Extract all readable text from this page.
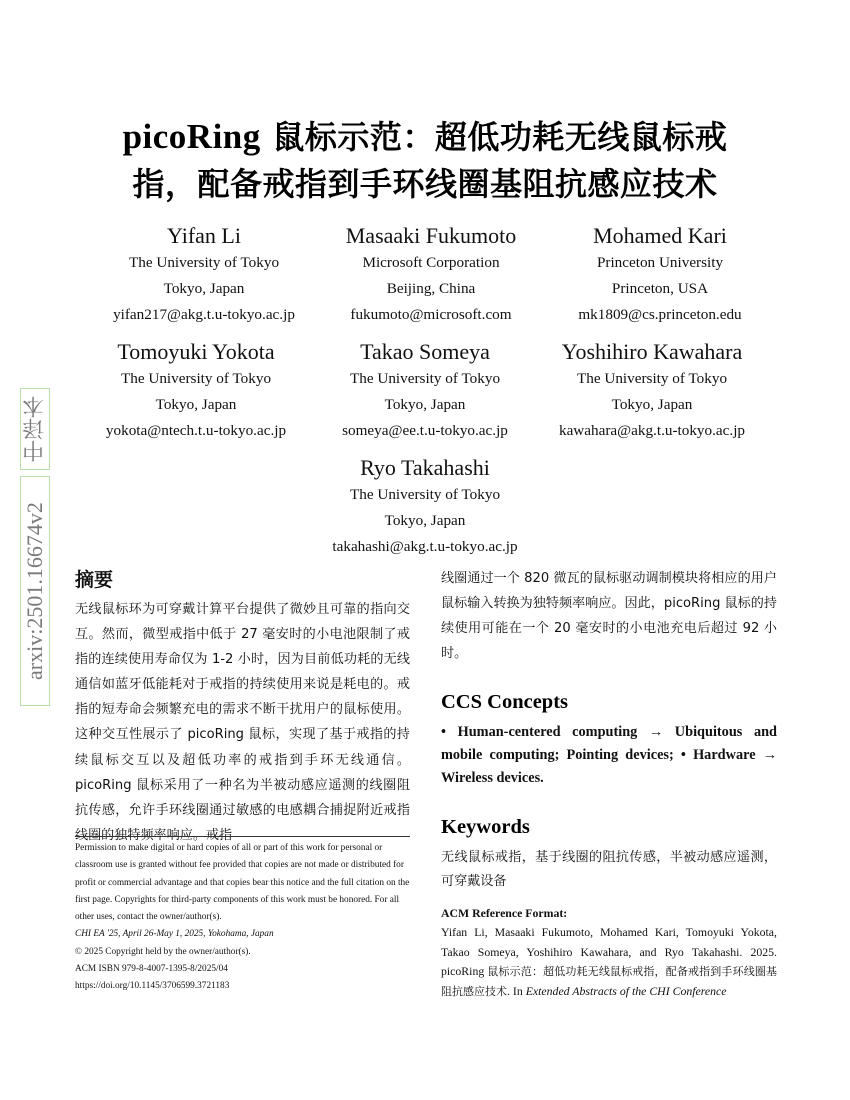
picoRing 鼠标示范：超低功耗无线鼠标戒
指，配备戒指到手环线圈基阻抗感应技术
Yifan Li
The University of Tokyo
Tokyo, Japan
yifan217@akg.t.u-tokyo.ac.jp
Masaaki Fukumoto
Microsoft Corporation
Beijing, China
fukumoto@microsoft.com
Mohamed Kari
Princeton University
Princeton, USA
mk1809@cs.princeton.edu
Tomoyuki Yokota
The University of Tokyo
Tokyo, Japan
yokota@ntech.t.u-tokyo.ac.jp
Takao Someya
The University of Tokyo
Tokyo, Japan
someya@ee.t.u-tokyo.ac.jp
Yoshihiro Kawahara
The University of Tokyo
Tokyo, Japan
kawahara@akg.t.u-tokyo.ac.jp
Ryo Takahashi
The University of Tokyo
Tokyo, Japan
takahashi@akg.t.u-tokyo.ac.jp
中译本
arxiv:2501.16674v2 摘要

无线鼠标环为可穿戴计算平台提供了微妙且可靠的指向交互。然而，微型戒指中低于 27 毫安时的小电池限制了戒指的连续使用寿命仅为 1-2 小时，因为目前低功耗的无线通信如蓝牙低能耗对于戒指的持续使用来说是耗电的。戒指的短寿命会频繁充电的需求不断干扰用户的鼠标使用。这种交互性展示了 picoRing 鼠标，实现了基于戒指的持续鼠标交互以及超低功率的戒指到手环无线通信。picoRing 鼠标采用了一种名为半被动感应遥测的线圈阻抗传感，允许手环线圈通过敏感的电感耦合捕捉附近戒指线圈的独特频率响应。戒指

Permission to make digital or hard copies of all or part of this work for personal or classroom use is granted without fee provided that copies are not made or distributed for profit or commercial advantage and that copies bear this notice and the full citation on the first page. Copyrights for third-party components of this work must be honored. For all other uses, contact the owner/author(s).

CHI EA '25, April 26-May 1, 2025, Yokohama, Japan

© 2025 Copyright held by the owner/author(s).

ACM ISBN 979-8-4007-1395-8/2025/04

https://doi.org/10.1145/3706599.3721183

线圈通过一个 820 微瓦的鼠标驱动调制模块将相应的用户鼠标输入转换为独特频率响应。因此，picoRing 鼠标的持续使用可能在一个 20 毫安时的小电池充电后超过 92 小时。

CCS Concepts

• Human-centered computing → Ubiquitous and mobile computing; Pointing devices; • Hardware → Wireless devices.

Keywords

无线鼠标戒指，基于线圈的阻抗传感，半被动感应遥测，可穿戴设备

ACM Reference Format:

Yifan Li, Masaaki Fukumoto, Mohamed Kari, Tomoyuki Yokota, Takao Someya, Yoshihiro Kawahara, and Ryo Takahashi. 2025. picoRing 鼠标示范：超低功耗无线鼠标戒指，配备戒指到手环线圈基阻抗感应技术. In Extended Abstracts of the CHI Conference
